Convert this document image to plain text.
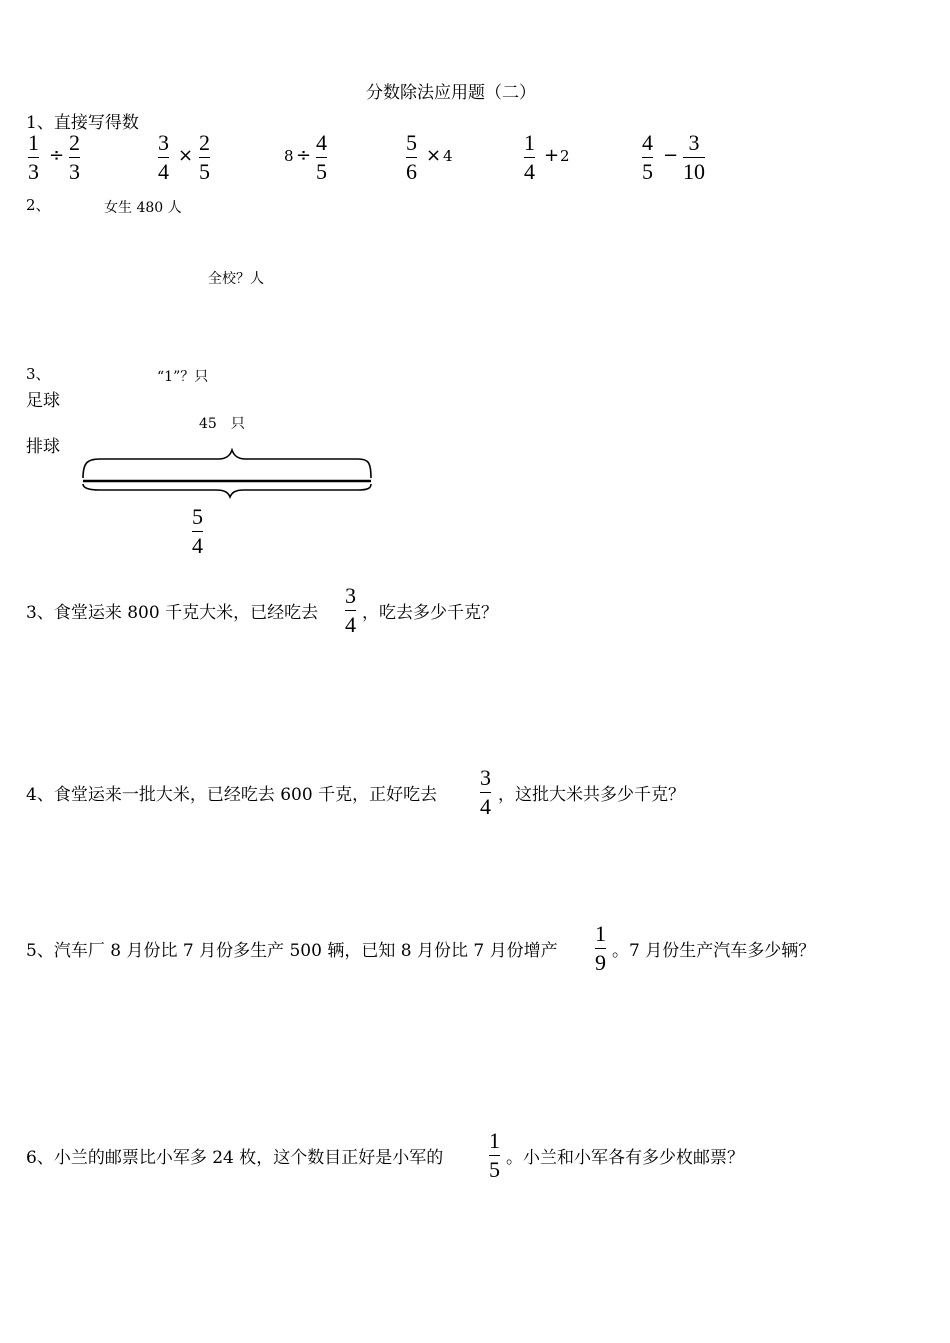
分数除法应用题（二）
1、直接写得数
1
3
÷
2
3
3
4
×
2
5
8 ÷
4
5
5
6
× 4
1
4
+ 2
4
5
−
3
10
2、	女生 480 人
全校？人
3、	“1”？只
足球
45　只
排球
5
4
3、食堂运来 800 千克大米，已经吃去
3
4 ，吃去多少千克？
4、食堂运来一批大米，已经吃去 600 千克，正好吃去
3
4 ，这批大米共多少千克？
5、汽车厂 8 月份比 7 月份多生产 500 辆，已知 8 月份比 7 月份增产
1
9 。7 月份生产汽车多少辆？
6、小兰的邮票比小军多 24 枚，这个数目正好是小军的
1
5 。小兰和小军各有多少枚邮票？
